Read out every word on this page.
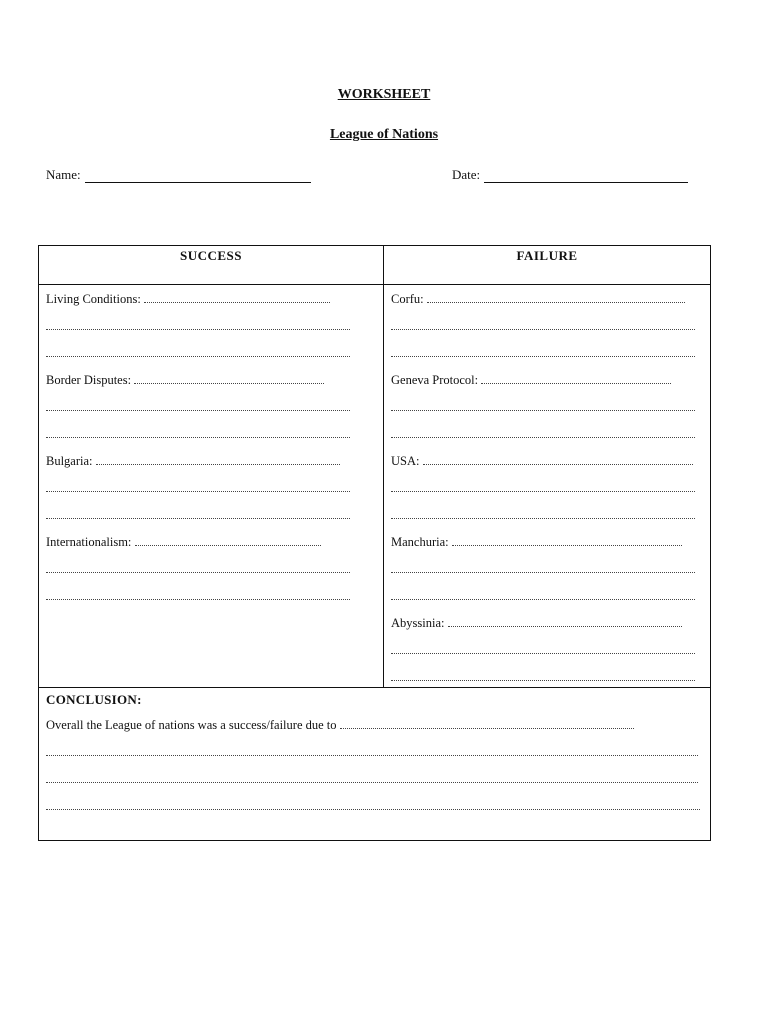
WORKSHEET
League of Nations
Name:	Date:
SUCCESS	FAILURE
Living Conditions:
Border Disputes:
Bulgaria:
Internationalism:
Corfu:
Geneva Protocol:
USA:
Manchuria:
Abyssinia:
CONCLUSION:
Overall the League of nations was a success/failure due to
